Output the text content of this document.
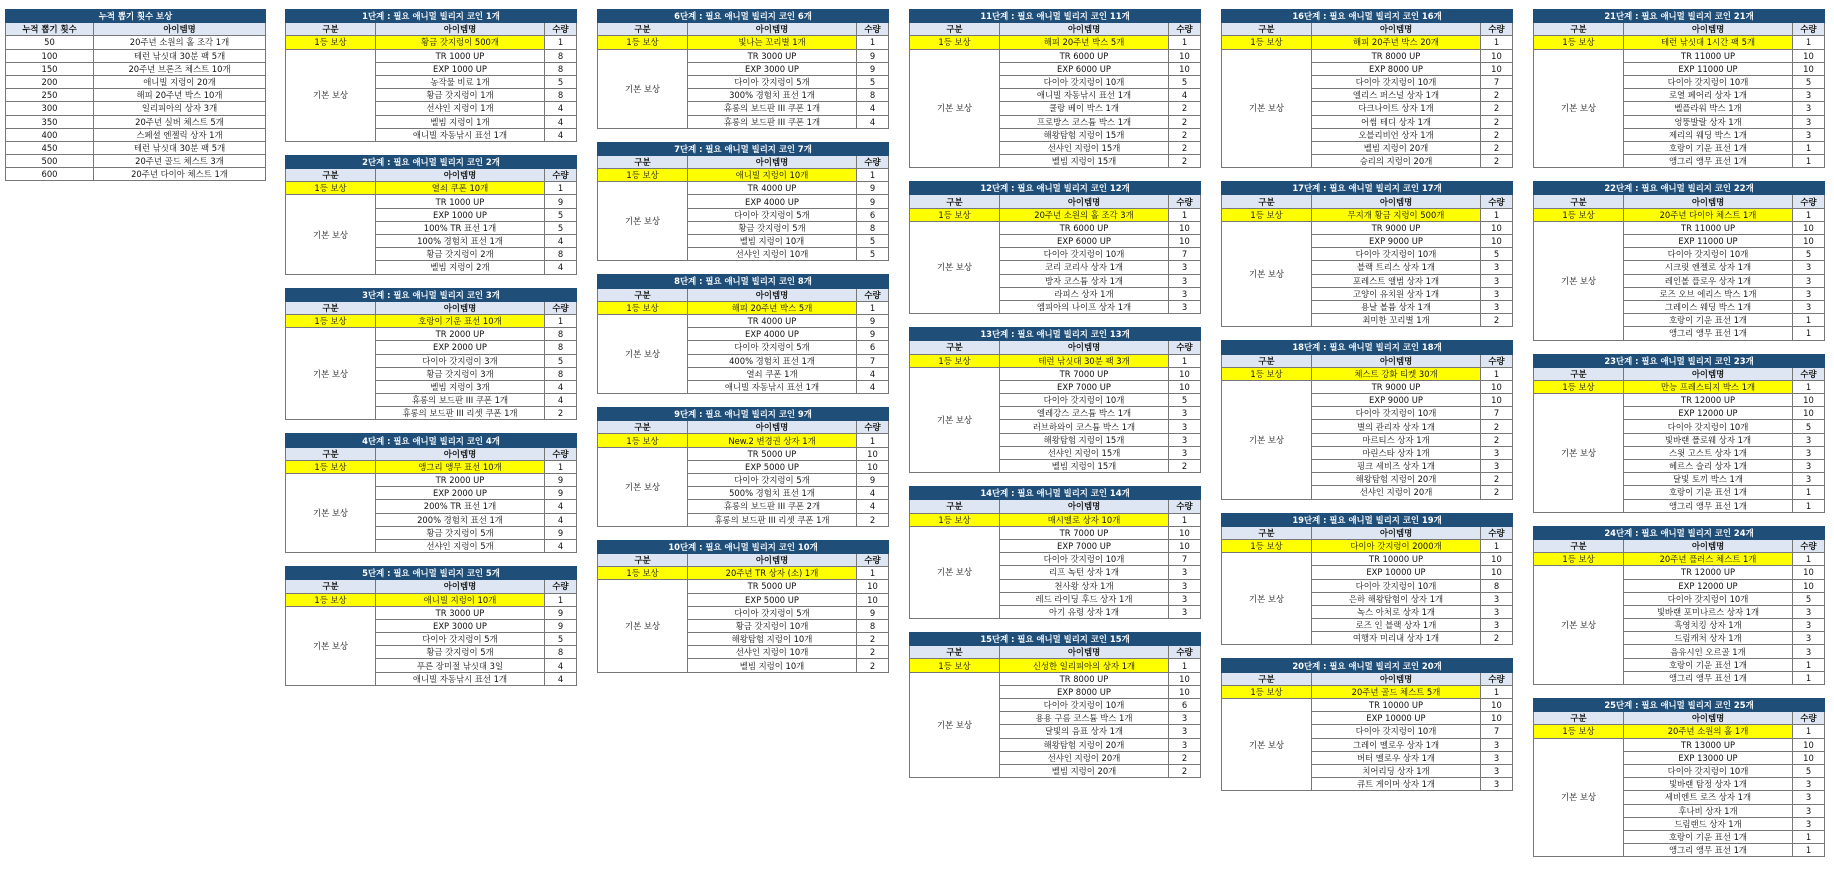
누적 뽑기 횟수 보상	
누적 뽑기 횟수	아이템명
50	20주년 소원의 홀 조각 1개
100	테런 낚싯대 30분 팩 5개
150	20주년 브론즈 체스트 10개
200	애니빌 지렁이 20개
250	해피 20주년 박스 10개
300	일리피아의 상자 3개
350	20주년 실버 체스트 5개
400	스페셜 엔젤릭 상자 1개
450	테런 낚싯대 30분 팩 5개
500	20주년 골드 체스트 3개
600	20주년 다이아 체스트 1개
1단계 : 필요 애니멀 빌리지 코인 1개		
구분	아이템명	수량
1등 보상	황금 갓지렁이 500개	1
기본 보상	TR 1000 UP	8
	EXP 1000 UP	8
	농작물 비료 1개	5
	황금 갓지렁이 1개	8
	선샤인 지렁이 1개	4
	벨빔 지렁이 1개	4
	애니빌 자동낚시 표선 1개	4
2단계 : 필요 애니멀 빌리지 코인 2개		
구분	아이템명	수량
1등 보상	열쇠 쿠폰 10개	1
기본 보상	TR 1000 UP	9
	EXP 1000 UP	5
	100% TR 표선 1개	5
	100% 경험치 표선 1개	4
	황금 갓지렁이 2개	8
	벨빔 지렁이 2개	4
3단계 : 필요 애니멀 빌리지 코인 3개		
구분	아이템명	수량
1등 보상	호랑이 기운 표선 10개	1
기본 보상	TR 2000 UP	8
	EXP 2000 UP	8
	다이아 갓지렁이 3개	5
	황금 갓지렁이 3개	8
	벨빔 지렁이 3개	4
	휴롱의 보드판 III 쿠폰 1개	4
	휴롱의 보드판 III 리셋 쿠폰 1개	2
4단계 : 필요 애니멀 빌리지 코인 4개		
구분	아이템명	수량
1등 보상	앵그리 앵무 표선 10개	1
기본 보상	TR 2000 UP	9
	EXP 2000 UP	9
	200% TR 표선 1개	4
	200% 경험치 표선 1개	4
	황금 갓지렁이 5개	9
	선샤인 지렁이 5개	4
5단계 : 필요 애니멀 빌리지 코인 5개		
구분	아이템명	수량
1등 보상	애니빌 지렁이 10개	1
기본 보상	TR 3000 UP	9
	EXP 3000 UP	9
	다이아 갓지렁이 5개	5
	황금 갓지렁이 5개	8
	푸른 장미절 낚싯대 3일	4
	애니빌 자동낚시 표선 1개	4
6단계 : 필요 애니멀 빌리지 코인 6개		
구분	아이템명	수량
1등 보상	빛나는 꼬리별 1개	1
기본 보상	TR 3000 UP	9
	EXP 3000 UP	9
	다이아 갓지렁이 5개	5
	300% 경험치 표선 1개	8
	휴롱의 보드판 III 쿠폰 1개	4
	휴롱의 보드판 III 쿠폰 1개	4
7단계 : 필요 애니멀 빌리지 코인 7개		
구분	아이템명	수량
1등 보상	애니빌 지렁이 10개	1
기본 보상	TR 4000 UP	9
	EXP 4000 UP	9
	다이아 갓지렁이 5개	6
	황금 갓지렁이 5개	8
	벨빔 지렁이 10개	5
	선샤인 지렁이 10개	5
8단계 : 필요 애니멀 빌리지 코인 8개		
구분	아이템명	수량
1등 보상	해피 20주년 박스 5개	1
기본 보상	TR 4000 UP	9
	EXP 4000 UP	9
	다이아 갓지렁이 5개	6
	400% 경험치 표선 1개	7
	열쇠 쿠폰 1개	4
	애니빌 자동낚시 표선 1개	4
9단계 : 필요 애니멀 빌리지 코인 9개		
구분	아이템명	수량
1등 보상	New.2 변경권 상자 1개	1
기본 보상	TR 5000 UP	10
	EXP 5000 UP	10
	다이아 갓지렁이 5개	9
	500% 경험치 표선 1개	4
	휴롱의 보드판 III 쿠폰 2개	4
	휴롱의 보드판 III 리셋 쿠폰 1개	2
10단계 : 필요 애니멀 빌리지 코인 10개		
구분	아이템명	수량
1등 보상	20주년 TR 상자 (소) 1개	1
기본 보상	TR 5000 UP	10
	EXP 5000 UP	10
	다이아 갓지렁이 5개	9
	황금 갓지렁이 10개	8
	해왕탐험 지렁이 10개	2
	선샤인 지렁이 10개	2
	벨빔 지렁이 10개	2
11단계 : 필요 애니멀 빌리지 코인 11개		
구분	아이템명	수량
1등 보상	해피 20주년 박스 5개	1
기본 보상	TR 6000 UP	10
	EXP 6000 UP	10
	다이아 갓지렁이 10개	5
	애니빌 자동낚시 표선 1개	4
	쿨랑 베이 박스 1개	2
	프로방스 코스튬 박스 1개	2
	해왕탐험 지렁이 15개	2
	선샤인 지렁이 15개	2
	벨빔 지렁이 15개	2
12단계 : 필요 애니멀 빌리지 코인 12개		
구분	아이템명	수량
1등 보상	20주년 소원의 홀 조각 3개	1
기본 보상	TR 6000 UP	10
	EXP 6000 UP	10
	다이아 갓지렁이 10개	7
	코리 코리사 상자 1개	3
	방자 코스튬 상자 1개	3
	라피스 상자 1개	3
	엠피아의 나이프 상자 1개	3
13단계 : 필요 애니멀 빌리지 코인 13개		
구분	아이템명	수량
1등 보상	테런 낚싯대 30분 팩 3개	1
기본 보상	TR 7000 UP	10
	EXP 7000 UP	10
	다이아 갓지렁이 10개	5
	엘레강스 코스튬 박스 1개	3
	러브하와이 코스튬 박스 1개	3
	해왕탐험 지렁이 15개	3
	선샤인 지렁이 15개	3
	벨빔 지렁이 15개	2
14단계 : 필요 애니멀 빌리지 코인 14개		
구분	아이템명	수량
1등 보상	매시멜로 상자 10개	1
기본 보상	TR 7000 UP	10
	EXP 7000 UP	10
	다이아 갓지렁이 10개	7
	리프 녹턴 상자 1개	3
	천사왕 상자 1개	3
	레드 라이딩 후드 상자 1개	3
	아기 유령 상자 1개	3
15단계 : 필요 애니멀 빌리지 코인 15개		
구분	아이템명	수량
1등 보상	신성한 일리피아의 상자 1개	1
기본 보상	TR 8000 UP	10
	EXP 8000 UP	10
	다이아 갓지렁이 10개	6
	용용 구름 코스튬 박스 1개	3
	달빛의 음표 상자 1개	3
	해왕탐험 지렁이 20개	3
	선샤인 지렁이 20개	2
	벨빔 지렁이 20개	2
16단계 : 필요 애니멀 빌리지 코인 16개		
구분	아이템명	수량
1등 보상	해피 20주년 박스 20개	1
기본 보상	TR 8000 UP	10
	EXP 8000 UP	10
	다이아 갓지렁이 10개	7
	엘리스 퍼스널 상자 1개	2
	다크나이트 상자 1개	2
	어썸 테디 상자 1개	2
	오블리비언 상자 1개	2
	벨빔 지렁이 20개	2
	승리의 지렁이 20개	2
17단계 : 필요 애니멀 빌리지 코인 17개		
구분	아이템명	수량
1등 보상	무지개 황금 지렁이 500개	1
기본 보상	TR 9000 UP	10
	EXP 9000 UP	10
	다이아 갓지렁이 10개	5
	블랙 트리스 상자 1개	3
	포레스트 앨범 상자 1개	3
	고양이 유치원 상자 1개	3
	용날 볼륨 상자 1개	3
	최미한 꼬리별 1개	2
18단계 : 필요 애니멀 빌리지 코인 18개		
구분	아이템명	수량
1등 보상	체스트 강화 티켓 30개	1
기본 보상	TR 9000 UP	10
	EXP 9000 UP	10
	다이아 갓지렁이 10개	7
	별의 관리자 상자 1개	2
	마르티스 상자 1개	2
	마린스타 상자 1개	3
	핑크 세비즈 상자 1개	3
	해왕탐험 지렁이 20개	2
	선샤인 지렁이 20개	2
19단계 : 필요 애니멀 빌리지 코인 19개		
구분	아이템명	수량
1등 보상	다이아 갓지렁이 2000개	1
기본 보상	TR 10000 UP	10
	EXP 10000 UP	10
	다이아 갓지렁이 10개	8
	은하 해왕탐험이 상자 1개	3
	녹스 아처로 상자 1개	3
	로즈 인 블랙 상자 1개	3
	여행자 미리내 상자 1개	2
20단계 : 필요 애니멀 빌리지 코인 20개		
구분	아이템명	수량
1등 보상	20주년 골드 체스트 5개	1
기본 보상	TR 10000 UP	10
	EXP 10000 UP	10
	다이아 갓지렁이 10개	7
	그레이 멜로우 상자 1개	3
	버터 멜로우 상자 1개	3
	치어리딩 상자 1개	3
	큐트 게이머 상자 1개	3
21단계 : 필요 애니멀 빌리지 코인 21개		
구분	아이템명	수량
1등 보상	테런 낚싯대 1시간 팩 5개	1
기본 보상	TR 11000 UP	10
	EXP 11000 UP	10
	다이아 갓지렁이 10개	5
	로열 페어리 상자 1개	3
	벨플라워 박스 1개	3
	엉뚱발랄 상자 1개	3
	제리의 웨딩 박스 1개	3
	호랑이 기운 표선 1개	1
	앵그리 앵무 표선 1개	1
22단계 : 필요 애니멀 빌리지 코인 22개		
구분	아이템명	수량
1등 보상	20주년 다이아 체스트 1개	1
기본 보상	TR 11000 UP	10
	EXP 11000 UP	10
	다이아 갓지렁이 10개	5
	시크릿 엔젤로 상자 1개	3
	레인볼 플로우 상자 1개	3
	로즈 오브 에리스 박스 1개	3
	그레이스 웨딩 박스 1개	3
	호랑이 기운 표선 1개	1
	앵그리 앵무 표선 1개	1
23단계 : 필요 애니멀 빌리지 코인 23개		
구분	아이템명	수량
1등 보상	만능 프레스티지 박스 1개	1
기본 보상	TR 12000 UP	10
	EXP 12000 UP	10
	다이아 갓지렁이 10개	5
	빛바랜 폴로웨 상자 1개	3
	스윗 고스트 상자 1개	3
	헤르스 슬리 상자 1개	3
	달빛 토끼 박스 1개	3
	호랑이 기운 표선 1개	1
	앵그리 앵무 표선 1개	1
24단계 : 필요 애니멀 빌리지 코인 24개		
구분	아이템명	수량
1등 보상	20주년 플러스 체스트 1개	1
기본 보상	TR 12000 UP	10
	EXP 12000 UP	10
	다이아 갓지렁이 10개	5
	빛바랜 포미나르스 상자 1개	3
	흑영치킹 상자 1개	3
	드림캐처 상자 1개	3
	음유시인 오르골 1개	3
	호랑이 기운 표선 1개	1
	앵그리 앵무 표선 1개	1
25단계 : 필요 애니멀 빌리지 코인 25개		
구분	아이템명	수량
1등 보상	20주년 소원의 홀 1개	1
기본 보상	TR 13000 UP	10
	EXP 13000 UP	10
	다이아 갓지렁이 10개	5
	빛바랜 탐정 상자 1개	3
	세비엔트 로즈 상자 1개	3
	후나비 상자 1개	3
	드림랜드 상자 1개	3
	호랑이 기운 표선 1개	1
	앵그리 앵무 표선 1개	1
